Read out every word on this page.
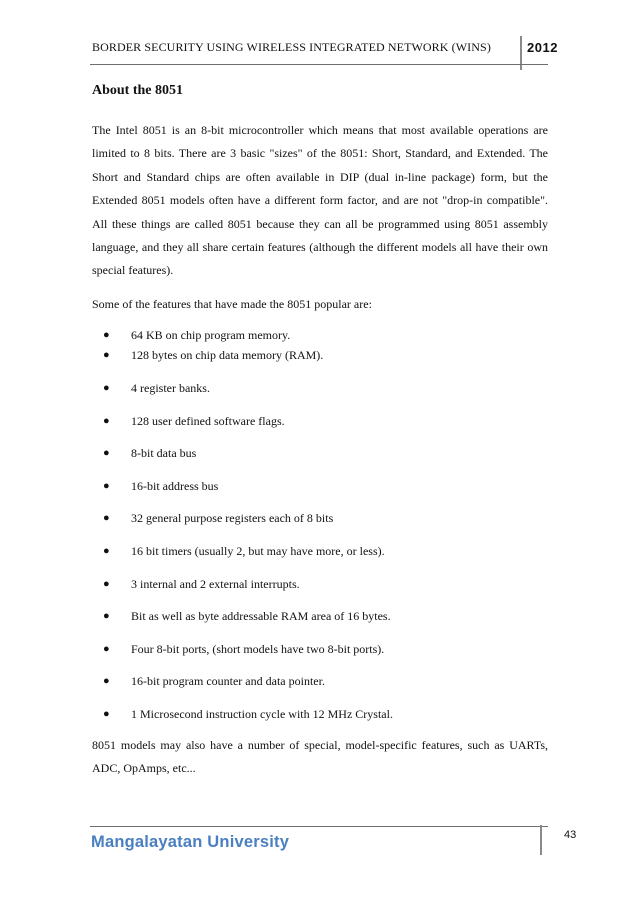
BORDER SECURITY USING WIRELESS INTEGRATED NETWORK (WINS)	2012
About the 8051

The Intel 8051 is an 8-bit microcontroller which means that most available operations are limited to 8 bits. There are 3 basic "sizes" of the 8051: Short, Standard, and Extended. The Short and Standard chips are often available in DIP (dual in-line package) form, but the Extended 8051 models often have a different form factor, and are not "drop-in compatible". All these things are called 8051 because they can all be programmed using 8051 assembly language, and they all share certain features (although the different models all have their own special features).

Some of the features that have made the 8051 popular are:

● 64 KB on chip program memory.
● 128 bytes on chip data memory (RAM).
● 4 register banks.
● 128 user defined software flags.
● 8-bit data bus
● 16-bit address bus
● 32 general purpose registers each of 8 bits
● 16 bit timers (usually 2, but may have more, or less).
● 3 internal and 2 external interrupts.
● Bit as well as byte addressable RAM area of 16 bytes.
● Four 8-bit ports, (short models have two 8-bit ports).
● 16-bit program counter and data pointer.
● 1 Microsecond instruction cycle with 12 MHz Crystal.

8051 models may also have a number of special, model-specific features, such as UARTs, ADC, OpAmps, etc...

Mangalayatan University	43
